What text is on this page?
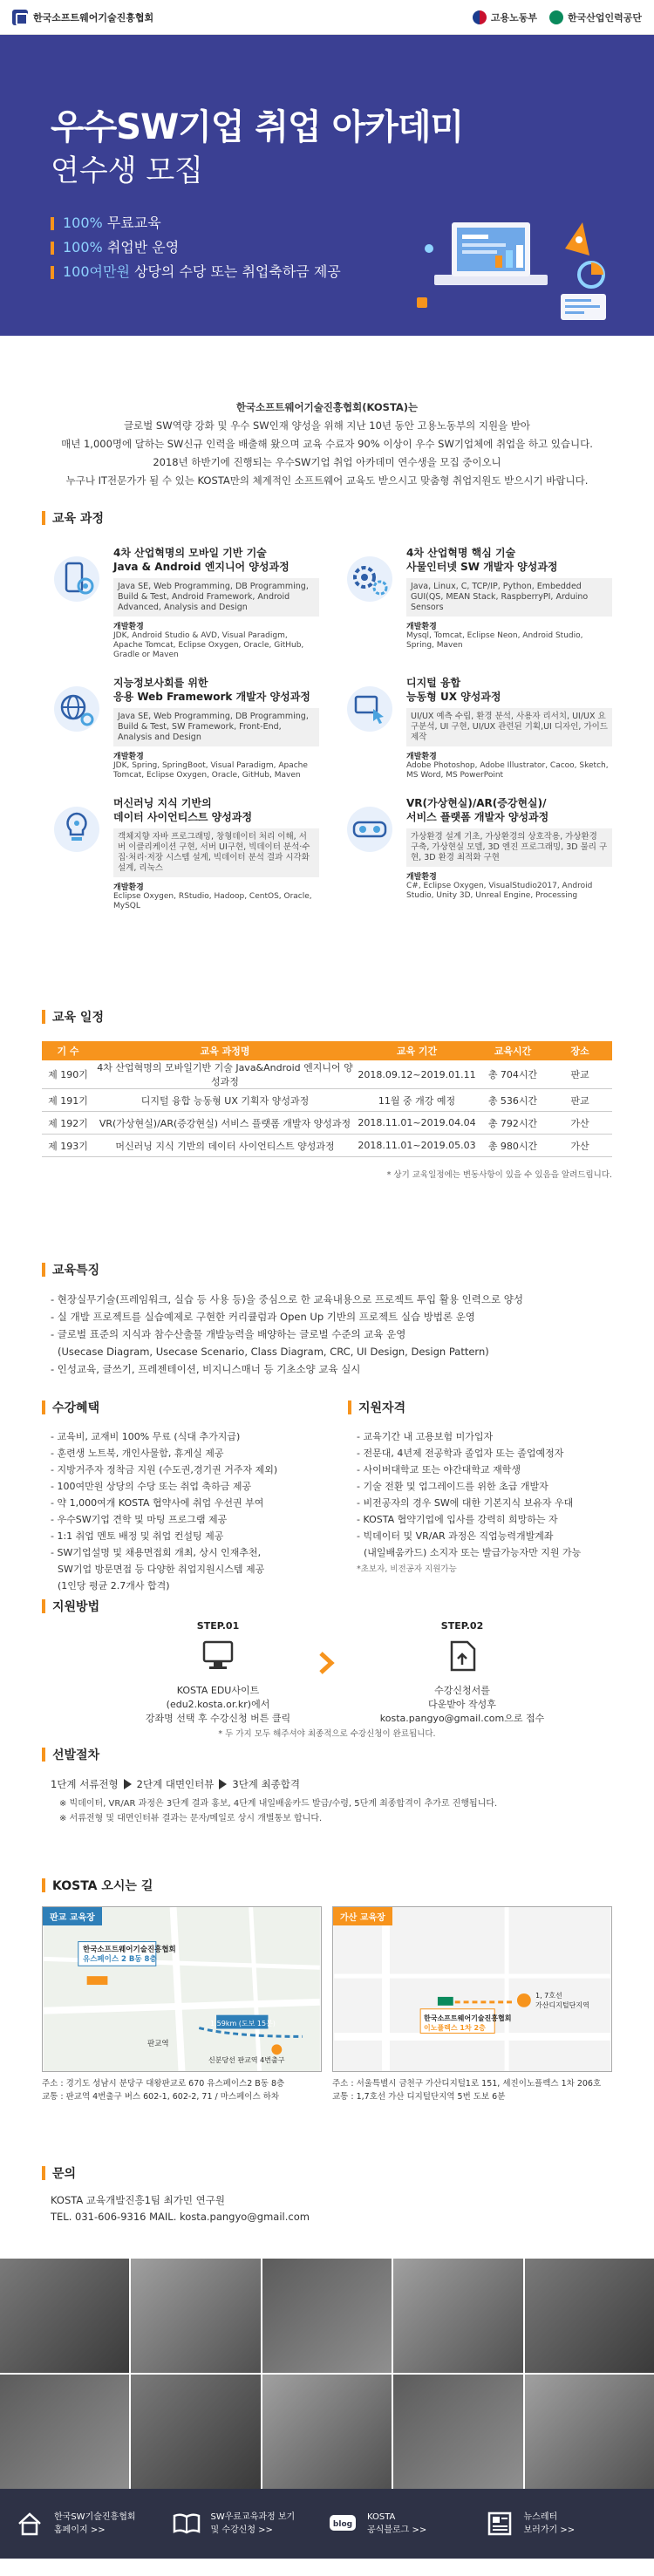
한국소프트웨어기술진흥협회	고용노동부	한국산업인력공단
우수SW기업 취업 아카데미
연수생 모집
100% 무료교육
100% 취업반 운영
100여만원 상당의 수당 또는 취업축하금 제공
한국소프트웨어기술진흥협회(KOSTA)는
글로벌 SW역량 강화 및 우수 SW인재 양성을 위해 지난 10년 동안 고용노동부의 지원을 받아
매년 1,000명에 달하는 SW신규 인력을 배출해 왔으며 교육 수료자 90% 이상이 우수 SW기업체에 취업을 하고 있습니다.
2018년 하반기에 진행되는 우수SW기업 취업 아카데미 연수생을 모집 중이오니
누구나 IT전문가가 될 수 있는 KOSTA만의 체계적인 소프트웨어 교육도 받으시고 맞춤형 취업지원도 받으시기 바랍니다.
교육 과정
4차 산업혁명의 모바일 기반 기술
Java & Android 엔지니어 양성과정
Java SE, Web Programming, DB Programming, Build & Test, Android Framework, Android Advanced, Analysis and Design
개발환경
JDK, Android Studio & AVD, Visual Paradigm, Apache Tomcat, Eclipse Oxygen, Oracle, GitHub, Gradle or Maven
4차 산업혁명 핵심 기술
사물인터넷 SW 개발자 양성과정
Java, Linux, C, TCP/IP, Python, Embedded GUI(QS, MEAN Stack, RaspberryPI, Arduino Sensors
개발환경
Mysql, Tomcat, Eclipse Neon, Android Studio, Spring, Maven
지능정보사회를 위한
응용 Web Framework 개발자 양성과정
Java SE, Web Programming, DB Programming, Build & Test, SW Framework, Front-End, Analysis and Design
개발환경
JDK, Spring, SpringBoot, Visual Paradigm, Apache Tomcat, Eclipse Oxygen, Oracle, GitHub, Maven
디지털 융합
능동형 UX 양성과정
UI/UX 예측 수립, 환경 분석, 사용자 리서치, UI/UX 요구분석, UI 구현, UI/UX 관련된 기획,UI 디자인, 가이드 제작
개발환경
Adobe Photoshop, Adobe Illustrator, Cacoo, Sketch, MS Word, MS PowerPoint
머신러닝 지식 기반의
데이터 사이언티스트 양성과정
객체지향 자바 프로그래밍, 창형데이터 처리 이해, 서버 이클리케이션 구현, 서버 UI구현, 빅데이터 분석·수집·처리·저장 시스템 설계, 빅데이터 분석 결과 시각화 설계, 리눅스
개발환경
Eclipse Oxygen, RStudio, Hadoop, CentOS, Oracle, MySQL
VR(가상현실)/AR(증강현실)/
서비스 플랫폼 개발자 양성과정
가상환경 설계 기초, 가상환경의 상호작용, 가상환경 구축, 가상현실 모델, 3D 엔진 프로그래밍, 3D 물리 구현, 3D 환경 최적화 구현
개발환경
C#, Eclipse Oxygen, VisualStudio2017, Android Studio, Unity 3D, Unreal Engine, Processing
교육 일정
기 수	교육 과정명	교육 기간	교육시간	장소
제 190기	4차 산업혁명의 모바일기반 기술 Java&Android 엔지니어 양성과정	2018.09.12~2019.01.11	총 704시간	판교
제 191기	디지털 융합 능동형 UX 기획자 양성과정	11월 중 개강 예정	총 536시간	판교
제 192기	VR(가상현실)/AR(증강현실) 서비스 플랫폼 개발자 양성과정	2018.11.01~2019.04.04	총 792시간	가산
제 193기	머신러닝 지식 기반의 데이터 사이언티스트 양성과정	2018.11.01~2019.05.03	총 980시간	가산
* 상기 교육일정에는 변동사항이 있을 수 있음을 알려드립니다.
교육특징
- 현장실무기술(프레임워크, 실습 등 사용 등)을 중심으로 한 교육내용으로 프로젝트 투입 활용 인력으로 양성
- 실 개발 프로젝트를 실습예제로 구현한 커리큘럼과 Open Up 기반의 프로젝트 실습 방법론 운영
- 글로벌 표준의 지식과 참수산출물 개발능력을 배양하는 글로벌 수준의 교육 운영
(Usecase Diagram, Usecase Scenario, Class Diagram, CRC, UI Design, Design Pattern)
- 인성교육, 글쓰기, 프레젠테이션, 비지니스매너 등 기초소양 교육 실시
수강혜택
- 교육비, 교재비 100% 무료 (식대 추가지급)
- 훈련생 노트북, 개인사물함, 휴게실 제공
- 지방거주자 정착금 지원 (수도권,경기권 거주자 제외)
- 100여만원 상당의 수당 또는 취업 축하금 제공
- 약 1,000여개 KOSTA 협약사에 취업 우선권 부여
- 우수SW기업 견학 및 마팅 프로그램 제공
- 1:1 취업 멘토 배정 및 취업 컨설팅 제공
- SW기업설명 및 채용면접회 개최, 상시 인재추천,
SW기업 방문면접 등 다양한 취업지원시스템 제공
(1인당 평균 2.7개사 합격)
지원자격
- 교육기간 내 고용보험 미가입자
- 전문대, 4년제 전공학과 졸업자 또는 졸업예정자
- 사이버대학교 또는 야간대학교 재학생
- 기술 전환 및 업그레이드를 위한 초급 개발자
- 비전공자의 경우 SW에 대한 기본지식 보유자 우대
- KOSTA 협약기업에 입사를 강력히 희망하는 자
- 빅데이터 및 VR/AR 과정은 직업능력개발계좌
(내일배움카드) 소지자 또는 발급가능자만 지원 가능
*초보자, 비전공자 지원가능
지원방법
STEP.01
KOSTA EDU사이트
(edu2.kosta.or.kr)에서
강좌명 선택 후 수강신청 버튼 클릭
STEP.02
수강신청서를
다운받아 작성후
kosta.pangyo@gmail.com으로 접수
* 두 가지 모두 해주셔야 최종적으로 수강신청이 완료됩니다.
선발절차
1단계 서류전형 2단계 대면인터뷰 3단계 최종합격
※ 빅데이터, VR/AR 과정은 3단계 결과 홍보, 4단계 내일배움카드 발급/수령, 5단계 최종합격이 추가로 진행됩니다.
※ 서류전형 및 대면인터뷰 결과는 문자/메일로 상시 개별통보 합니다.
KOSTA 오시는 길
판교 교육장
한국소프트웨어기술진흥협회
유스페이스 2 B동 8층
판교역
1.59km (도보 15분)
신분당선 판교역 4번출구
주소 : 경기도 성남시 분당구 대왕판교로 670 유스페이스2 B동 8층
교통 : 판교역 4번출구 버스 602-1, 602-2, 71 / 마스페이스 하차
가산 교육장
한국소프트웨어기술진흥협회
이노플렉스 1차 2층
1, 7호선
가산디지털단지역
주소 : 서울특별시 금천구 가산디지털1로 151, 세진이노플렉스 1차 206호
교통 : 1,7호선 가산 디지털단지역 5번 도보 6분
문의
KOSTA 교육개발진흥1팀 최가민 연구원
TEL. 031-606-9316 MAIL. kosta.pangyo@gmail.com
한국SW기술진흥협회
홈페이지 >>
SW우료교육과정 보기
및 수강신청 >>
blog
KOSTA
공식블로그 >>
뉴스레터
보러가기 >>
